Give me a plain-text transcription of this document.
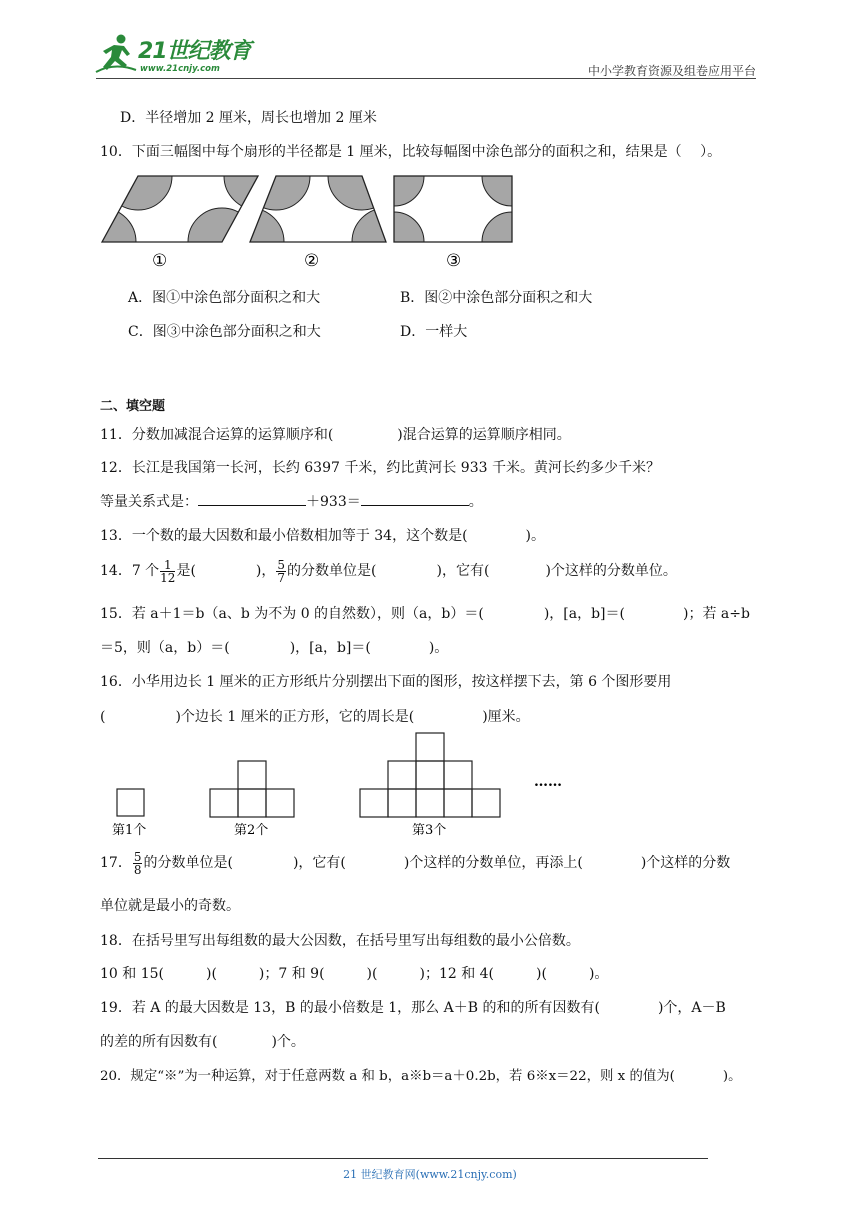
21世纪教育
www.21cnjy.com	中小学教育资源及组卷应用平台
D．半径增加 2 厘米，周长也增加 2 厘米
10．下面三幅图中每个扇形的半径都是 1 厘米，比较每幅图中涂色部分的面积之和，结果是（　 ）。
①	②	③
A．图①中涂色部分面积之和大	B．图②中涂色部分面积之和大
C．图③中涂色部分面积之和大	D．一样大
二、填空题
11．分数加减混合运算的运算顺序和(	)混合运算的运算顺序相同。
12．长江是我国第一长河，长约 6397 千米，约比黄河长 933 千米。黄河长约多少千米？
等量关系式是：	＋933＝	。
13．一个数的最大因数和最小倍数相加等于 34，这个数是(	)。
14．7 个 $\frac{1}{12}$ 是(	)， $\frac{5}{7}$ 的分数单位是(	)，它有(	)个这样的分数单位。
15．若 a＋1＝b（a、b 为不为 0 的自然数），则（a，b）＝(	)，[a，b]＝(	)；若 a÷b
＝5，则（a，b）＝(	)，[a，b]＝(	)。
16．小华用边长 1 厘米的正方形纸片分别摆出下面的图形，按这样摆下去，第 6 个图形要用
(	)个边长 1 厘米的正方形，它的周长是(	)厘米。
第1个	第2个	第3个
……
17． $\frac{5}{8}$ 的分数单位是(	)，它有(	)个这样的分数单位，再添上(	)个这样的分数
单位就是最小的奇数。
18．在括号里写出每组数的最大公因数，在括号里写出每组数的最小公倍数。
10 和 15(　　　)(　　　)；7 和 9(　　　)(　　　)；12 和 4(　　　)(　　　)。
19．若 A 的最大因数是 13，B 的最小倍数是 1，那么 A＋B 的和的所有因数有(	)个，A－B
的差的所有因数有(	)个。
20．规定“※”为一种运算，对于任意两数 a 和 b，a※b＝a＋0.2b，若 6※x＝22，则 x 的值为(	)。
21 世纪教育网(www.21cnjy.com)
